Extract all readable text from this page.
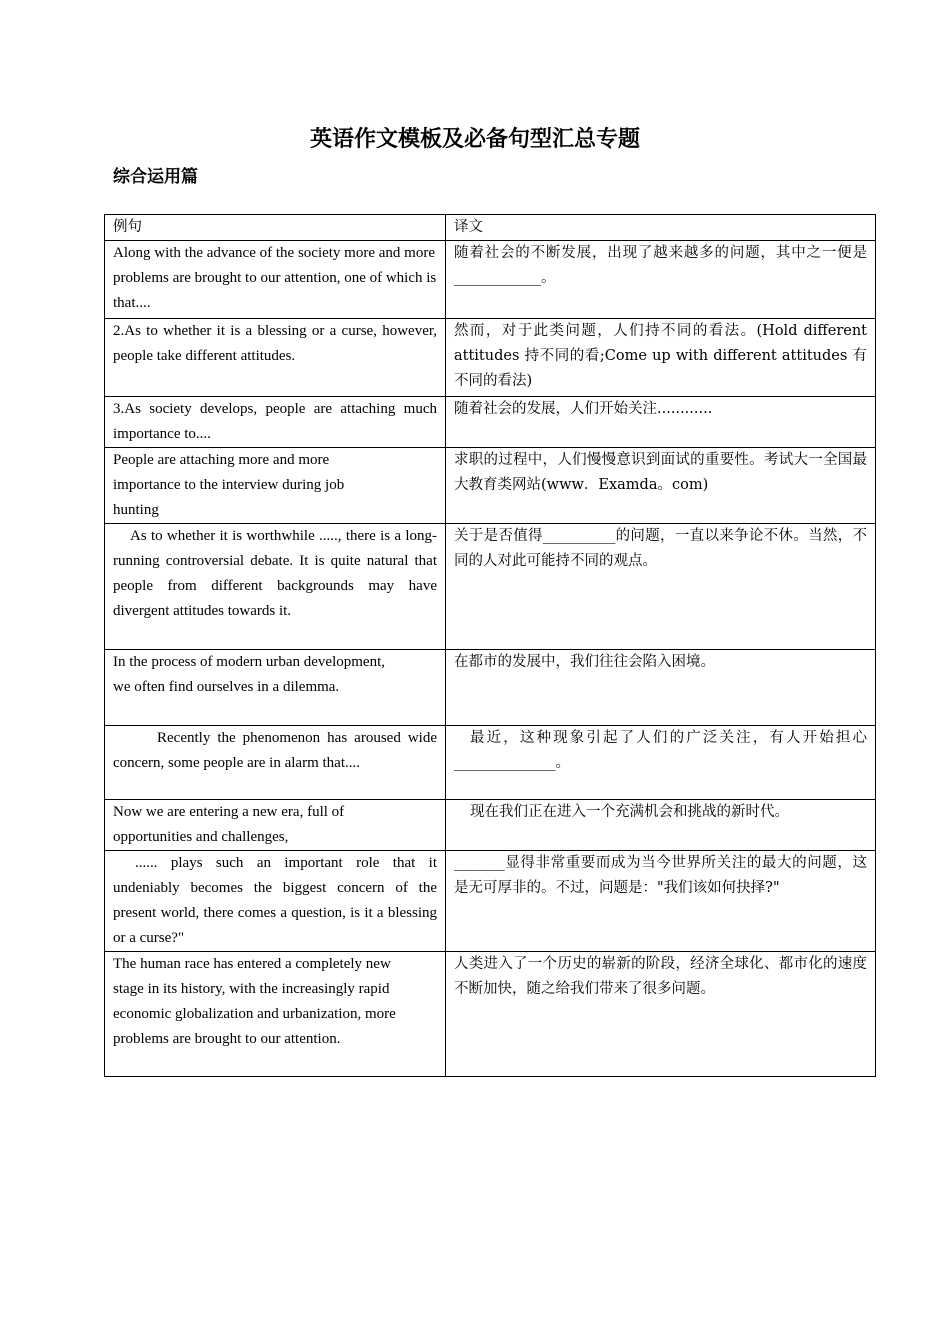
英语作文模板及必备句型汇总专题
综合运用篇
例句	译文

Along with the advance of the society more and more problems are brought to our attention, one of which is that....	随着社会的不断发展，出现了越来越多的问题，其中之一便是____________。
2.As to whether it is a blessing or a curse, however, people take different attitudes.	然而，对于此类问题，人们持不同的看法。(Hold different attitudes 持不同的看;Come up with different attitudes 有不同的看法)
3.As society develops, people are attaching much importance to....	随着社会的发展，人们开始关注............

People are attaching more and more importance to the interview during job hunting	求职的过程中，人们慢慢意识到面试的重要性。考试大一全国最大教育类网站(www．Examda。com)
As to whether it is worthwhile ....., there is a long-running controversial debate. It is quite natural that people from different backgrounds may have divergent attitudes towards it.	关于是否值得__________的问题，一直以来争论不休。当然，不同的人对此可能持不同的观点。

In the process of modern urban development, we often find ourselves in a dilemma.	在都市的发展中，我们往往会陷入困境。
Recently the phenomenon has aroused wide concern, some people are in alarm that....	最近，这种现象引起了人们的广泛关注，有人开始担心______________。

Now we are entering a new era, full of opportunities and challenges,	现在我们正在进入一个充满机会和挑战的新时代。
...... plays such an important role that it undeniably becomes the biggest concern of the present world, there comes a question, is it a blessing or a curse?"	_______显得非常重要而成为当今世界所关注的最大的问题，这是无可厚非的。不过，问题是："我们该如何抉择?"

The human race has entered a completely new stage in its history, with the increasingly rapid economic globalization and urbanization, more problems are brought to our attention.	人类进入了一个历史的崭新的阶段，经济全球化、都市化的速度不断加快，随之给我们带来了很多问题。
